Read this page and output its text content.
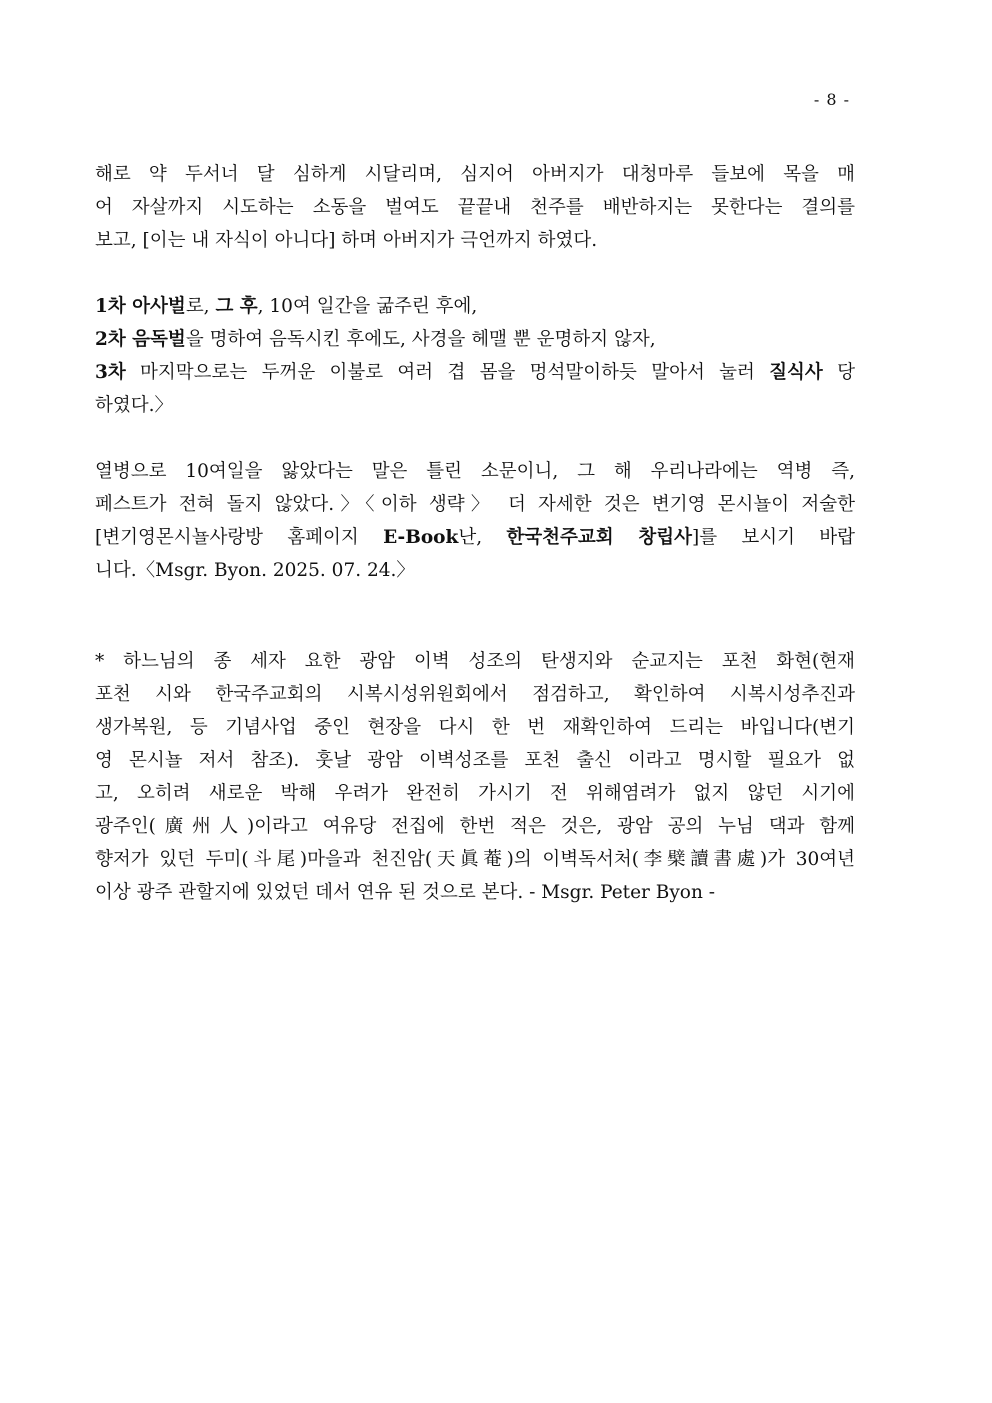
- 8 -

해로 약 두서너 달 심하게 시달리며, 심지어 아버지가 대청마루 들보에 목을 매

어 자살까지 시도하는 소동을 벌여도 끝끝내 천주를 배반하지는 못한다는 결의를

보고, [이는 내 자식이 아니다] 하며 아버지가 극언까지 하였다.

1차 아사벌로, 그 후, 10여 일간을 굶주린 후에,

2차 음독벌을 명하여 음독시킨 후에도, 사경을 헤맬 뿐 운명하지 않자,

3차 마지막으로는 두꺼운 이불로 여러 겹 몸을 멍석말이하듯 말아서 눌러 질식사 당

하였다.〉

열병으로 10여일을 앓았다는 말은 틀린 소문이니, 그 해 우리나라에는 역병 즉,

페스트가 전혀 돌지 않았다.〉〈이하 생략〉 더 자세한 것은 변기영 몬시뇰이 저술한

[변기영몬시뇰사랑방 홈페이지 E-Book난, 한국천주교회 창립사]를 보시기 바랍

니다.〈Msgr. Byon. 2025. 07. 24.〉

* 하느님의 종 세자 요한 광암 이벽 성조의 탄생지와 순교지는 포천 화현(현재

포천 시와 한국주교회의 시복시성위원회에서 점검하고, 확인하여 시복시성추진과

생가복원, 등 기념사업 중인 현장을 다시 한 번 재확인하여 드리는 바입니다(변기

영 몬시뇰 저서 참조). 훗날 광암 이벽성조를 포천 출신 이라고 명시할 필요가 없

고, 오히려 새로운 박해 우려가 완전히 가시기 전 위해염려가 없지 않던 시기에

광주인(廣州人)이라고 여유당 전집에 한번 적은 것은, 광암 공의 누님 댁과 함께

향저가 있던 두미(斗尾)마을과 천진암(天眞菴)의 이벽독서처(李檗讀書處)가 30여년

이상 광주 관할지에 있었던 데서 연유 된 것으로 본다. - Msgr. Peter Byon -
